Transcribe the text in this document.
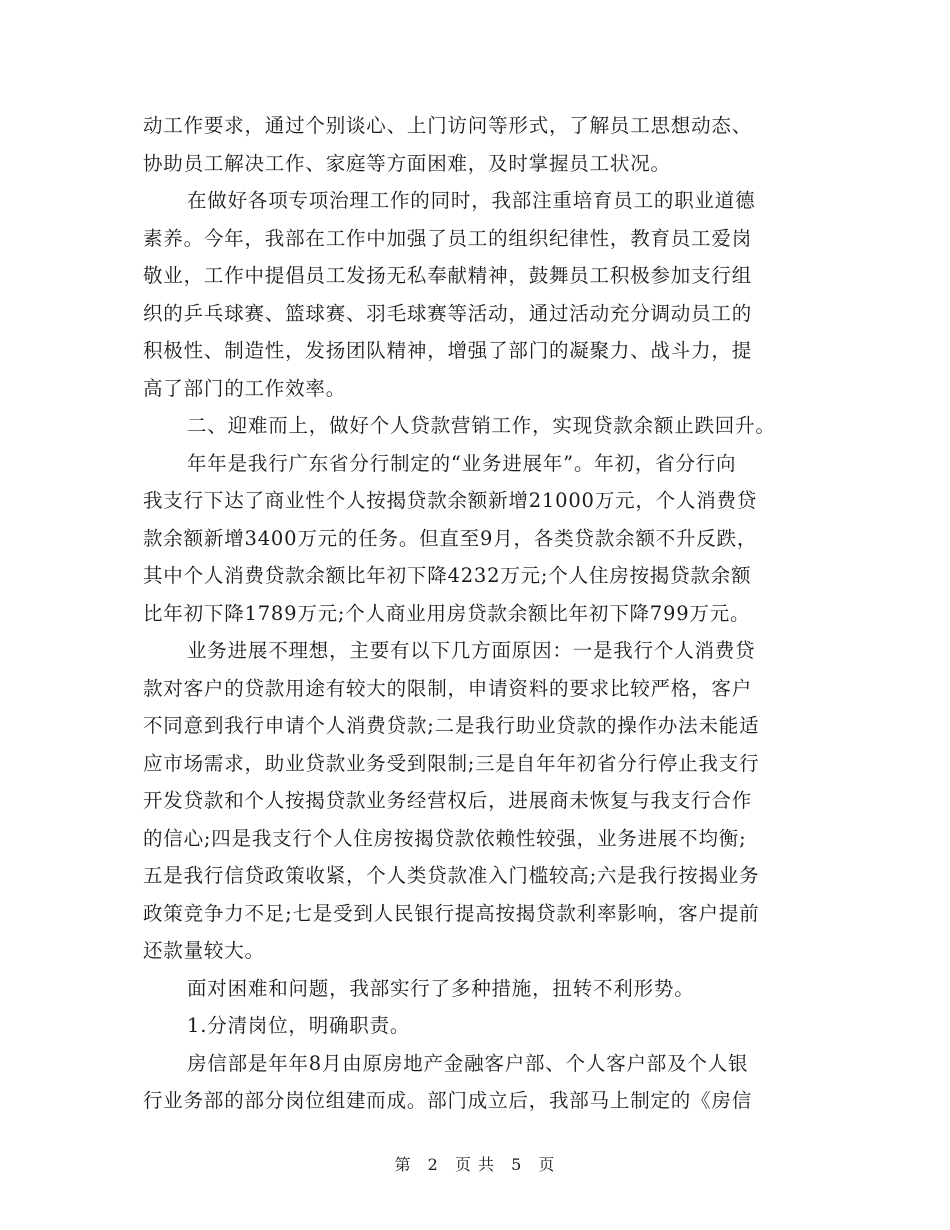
动工作要求，通过个别谈心、上门访问等形式，了解员工思想动态、
协助员工解决工作、家庭等方面困难，及时掌握员工状况。
在做好各项专项治理工作的同时，我部注重培育员工的职业道德
素养。今年，我部在工作中加强了员工的组织纪律性，教育员工爱岗
敬业，工作中提倡员工发扬无私奉献精神，鼓舞员工积极参加支行组
织的乒乓球赛、篮球赛、羽毛球赛等活动，通过活动充分调动员工的
积极性、制造性，发扬团队精神，增强了部门的凝聚力、战斗力，提
高了部门的工作效率。
二、迎难而上，做好个人贷款营销工作，实现贷款余额止跌回升。
年年是我行广东省分行制定的“业务进展年”。年初，省分行向
我支行下达了商业性个人按揭贷款余额新增21000万元，个人消费贷
款余额新增3400万元的任务。但直至9月，各类贷款余额不升反跌，
其中个人消费贷款余额比年初下降4232万元;个人住房按揭贷款余额
比年初下降1789万元;个人商业用房贷款余额比年初下降799万元。
业务进展不理想，主要有以下几方面原因：一是我行个人消费贷
款对客户的贷款用途有较大的限制，申请资料的要求比较严格，客户
不同意到我行申请个人消费贷款;二是我行助业贷款的操作办法未能适
应市场需求，助业贷款业务受到限制;三是自年年初省分行停止我支行
开发贷款和个人按揭贷款业务经营权后，进展商未恢复与我支行合作
的信心;四是我支行个人住房按揭贷款依赖性较强，业务进展不均衡;
五是我行信贷政策收紧，个人类贷款准入门槛较高;六是我行按揭业务
政策竞争力不足;七是受到人民银行提高按揭贷款利率影响，客户提前
还款量较大。
面对困难和问题，我部实行了多种措施，扭转不利形势。
1.分清岗位，明确职责。
房信部是年年8月由原房地产金融客户部、个人客户部及个人银
行业务部的部分岗位组建而成。部门成立后，我部马上制定的《房信
第 2 页 共 5 页
